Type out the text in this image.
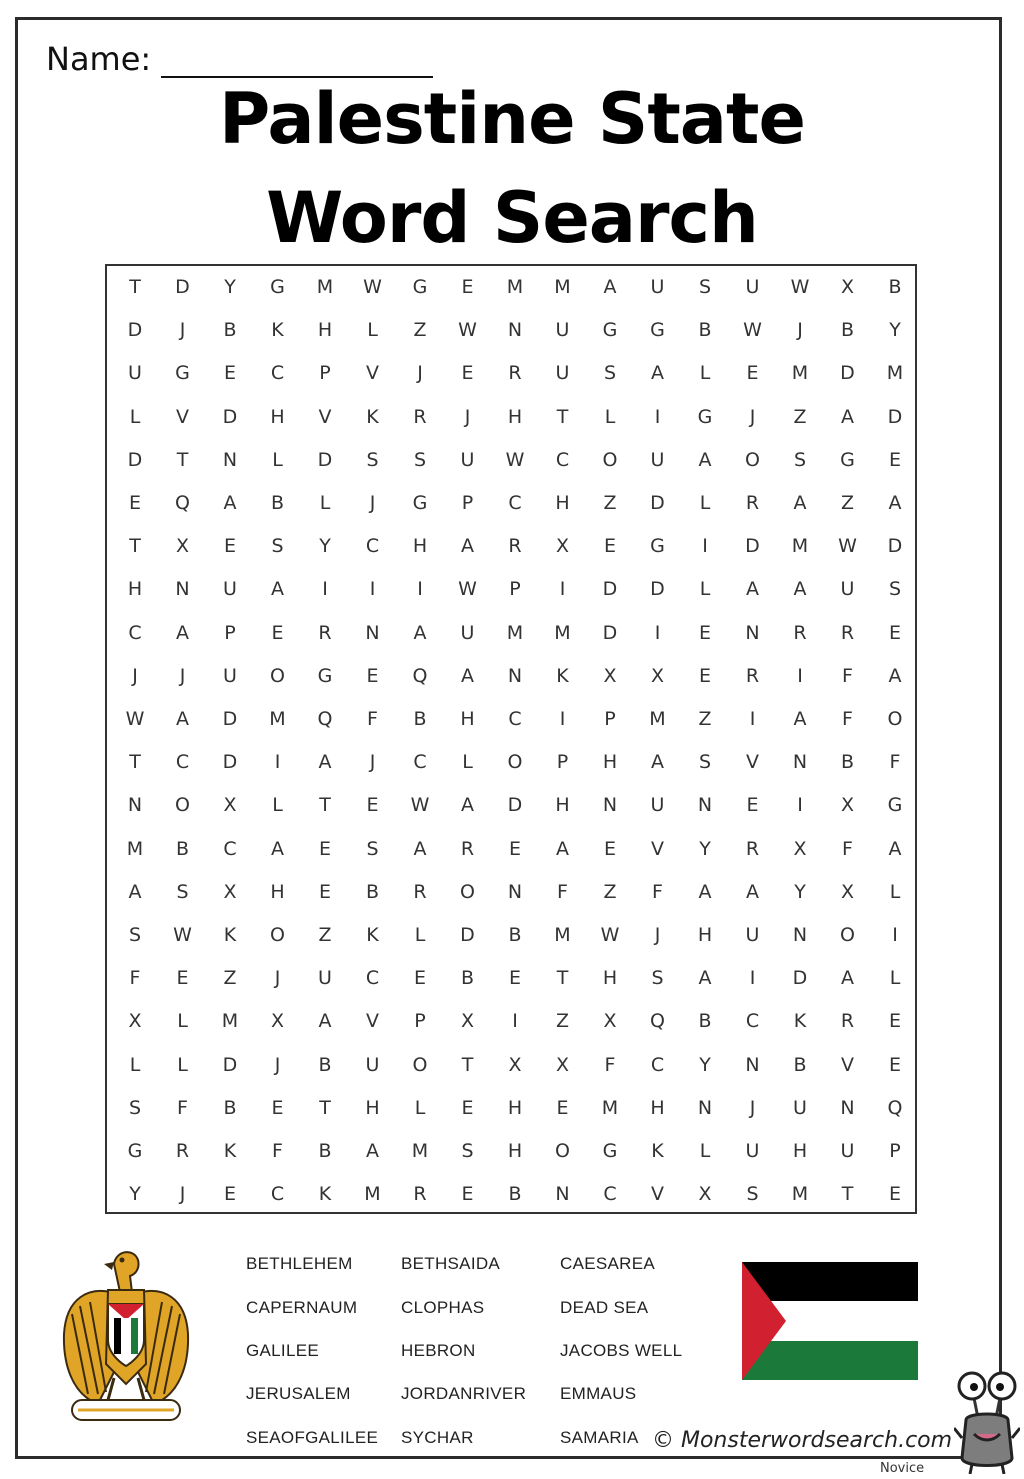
Name:
Palestine State
Word Search
T	D	Y	G	M	W	G	E	M	M	A	U	S	U	W	X	B
D	J	B	K	H	L	Z	W	N	U	G	G	B	W	J	B	Y
U	G	E	C	P	V	J	E	R	U	S	A	L	E	M	D	M
L	V	D	H	V	K	R	J	H	T	L	I	G	J	Z	A	D
D	T	N	L	D	S	S	U	W	C	O	U	A	O	S	G	E
E	Q	A	B	L	J	G	P	C	H	Z	D	L	R	A	Z	A
T	X	E	S	Y	C	H	A	R	X	E	G	I	D	M	W	D
H	N	U	A	I	I	I	W	P	I	D	D	L	A	A	U	S
C	A	P	E	R	N	A	U	M	M	D	I	E	N	R	R	E
J	J	U	O	G	E	Q	A	N	K	X	X	E	R	I	F	A
W	A	D	M	Q	F	B	H	C	I	P	M	Z	I	A	F	O
T	C	D	I	A	J	C	L	O	P	H	A	S	V	N	B	F
N	O	X	L	T	E	W	A	D	H	N	U	N	E	I	X	G
M	B	C	A	E	S	A	R	E	A	E	V	Y	R	X	F	A
A	S	X	H	E	B	R	O	N	F	Z	F	A	A	Y	X	L
S	W	K	O	Z	K	L	D	B	M	W	J	H	U	N	O	I
F	E	Z	J	U	C	E	B	E	T	H	S	A	I	D	A	L
X	L	M	X	A	V	P	X	I	Z	X	Q	B	C	K	R	E
L	L	D	J	B	U	O	T	X	X	F	C	Y	N	B	V	E
S	F	B	E	T	H	L	E	H	E	M	H	N	J	U	N	Q
G	R	K	F	B	A	M	S	H	O	G	K	L	U	H	U	P
Y	J	E	C	K	M	R	E	B	N	C	V	X	S	M	T	E
BETHLEHEM	BETHSAIDA	CAESAREA
CAPERNAUM	CLOPHAS	DEAD SEA
GALILEE	HEBRON	JACOBS WELL
JERUSALEM	JORDANRIVER EMMAUS
SEAOFGALILEE SYCHAR	SAMARIA © Monsterwordsearch.com
Novice
